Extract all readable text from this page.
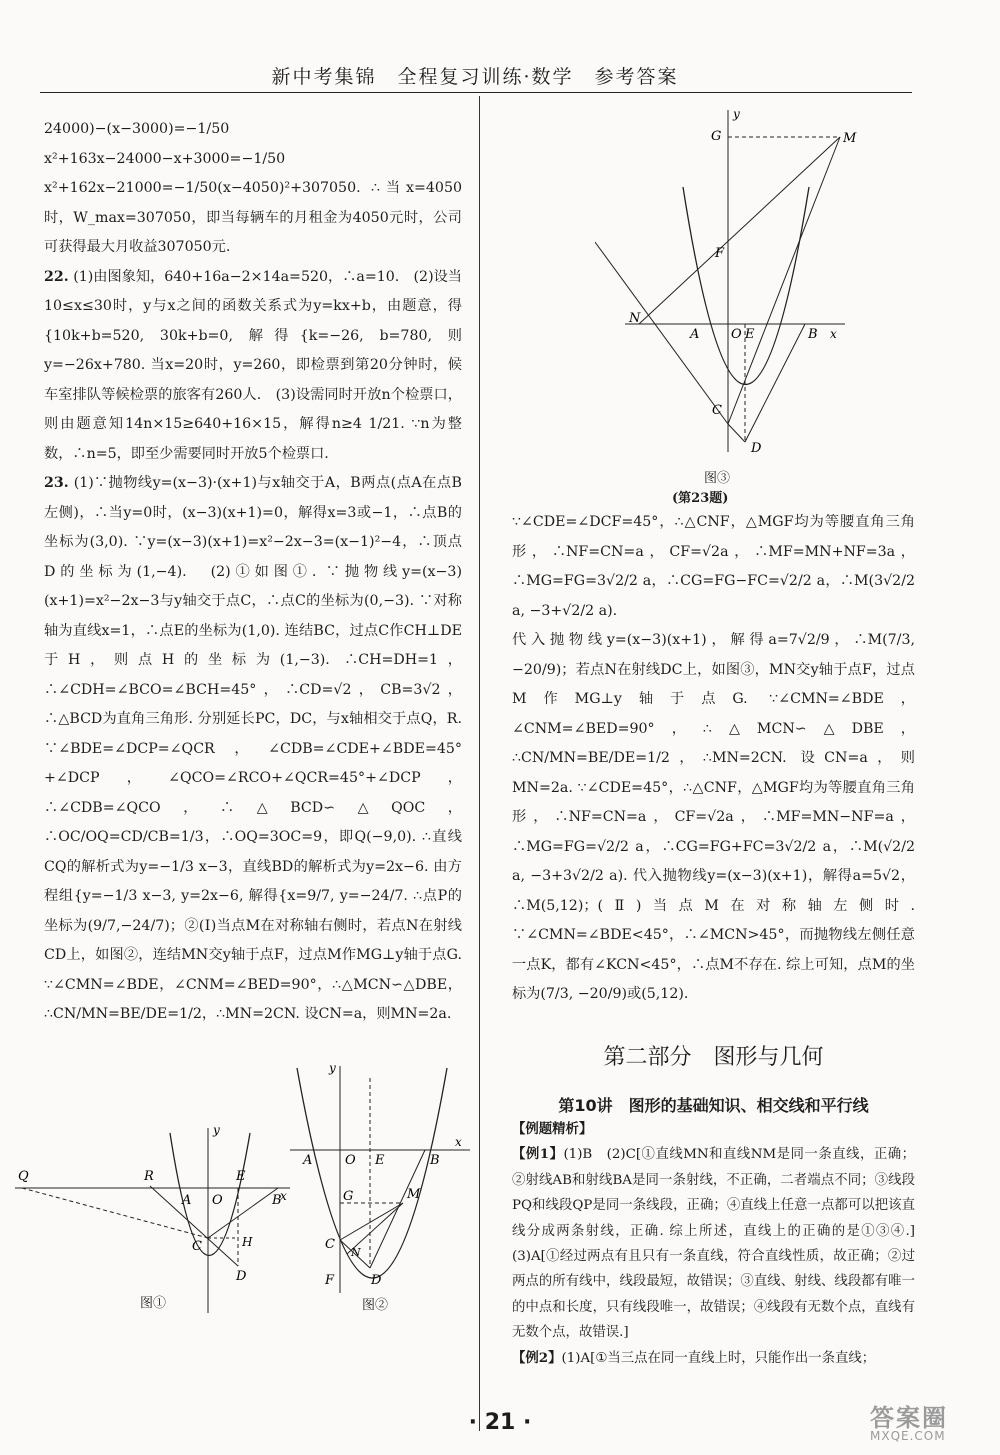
新中考集锦　全程复习训练·数学　参考答案

24000)−(x−3000)=−1/50 x²+163x−24000−x+3000=−1/50 x²+162x−21000=−1/50(x−4050)²+307050. ∴当x=4050时，W_max=307050，即当每辆车的月租金为4050元时，公司可获得最大月收益307050元.

22. (1)由图象知，640+16a−2×14a=520，∴a=10.　(2)设当10≤x≤30时，y与x之间的函数关系式为y=kx+b，由题意，得{10k+b=520, 30k+b=0, 解得{k=−26, b=780, 则y=−26x+780. 当x=20时，y=260，即检票到第20分钟时，候车室排队等候检票的旅客有260人.　(3)设需同时开放n个检票口，则由题意知14n×15≥640+16×15，解得n≥4 1/21. ∵n为整数，∴n=5，即至少需要同时开放5个检票口.

23. (1)∵抛物线y=(x−3)·(x+1)与x轴交于A，B两点(点A在点B左侧)，∴当y=0时，(x−3)(x+1)=0，解得x=3或−1，∴点B的坐标为(3,0). ∵y=(x−3)(x+1)=x²−2x−3=(x−1)²−4，∴顶点D的坐标为(1,−4).　(2)①如图①. ∵抛物线y=(x−3)(x+1)=x²−2x−3与y轴交于点C，∴点C的坐标为(0,−3). ∵对称轴为直线x=1，∴点E的坐标为(1,0). 连结BC，过点C作CH⊥DE于H，则点H的坐标为(1,−3). ∴CH=DH=1，∴∠CDH=∠BCO=∠BCH=45°，∴CD=√2，CB=3√2，∴△BCD为直角三角形. 分别延长PC，DC，与x轴相交于点Q，R. ∵∠BDE=∠DCP=∠QCR，∠CDB=∠CDE+∠BDE=45°+∠DCP，∠QCO=∠RCO+∠QCR=45°+∠DCP，∴∠CDB=∠QCO，∴△BCD∽△QOC，∴OC/OQ=CD/CB=1/3，∴OQ=3OC=9，即Q(−9,0). ∴直线CQ的解析式为y=−1/3 x−3，直线BD的解析式为y=2x−6. 由方程组{y=−1/3 x−3, y=2x−6, 解得{x=9/7, y=−24/7. ∴点P的坐标为(9/7,−24/7)；②(Ⅰ)当点M在对称轴右侧时，若点N在射线CD上，如图②，连结MN交y轴于点F，过点M作MG⊥y轴于点G. ∵∠CMN=∠BDE，∠CNM=∠BED=90°，∴△MCN∽△DBE，∴CN/MN=BE/DE=1/2，∴MN=2CN. 设CN=a，则MN=2a.

Q	R
A O
E
B
x
y
C	H
D
图①
y
A	O E	B
x
G	M
C
N
F	D
图②
y
G	M
F
N
A O E	B x
C
D
图③
(第23题)

∵∠CDE=∠DCF=45°，∴△CNF，△MGF均为等腰直角三角形，∴NF=CN=a，CF=√2a，∴MF=MN+NF=3a，∴MG=FG=3√2/2 a，∴CG=FG−FC=√2/2 a，∴M(3√2/2 a, −3+√2/2 a).

代入抛物线y=(x−3)(x+1)，解得a=7√2/9，∴M(7/3, −20/9)；若点N在射线DC上，如图③，MN交y轴于点F，过点M作MG⊥y轴于点G. ∵∠CMN=∠BDE，∠CNM=∠BED=90°，∴△MCN∽△DBE，∴CN/MN=BE/DE=1/2，∴MN=2CN. 设CN=a，则MN=2a. ∵∠CDE=45°，∴△CNF，△MGF均为等腰直角三角形，∴NF=CN=a，CF=√2a，∴MF=MN−NF=a，∴MG=FG=√2/2 a，∴CG=FG+FC=3√2/2 a，∴M(√2/2 a, −3+3√2/2 a). 代入抛物线y=(x−3)(x+1)，解得a=5√2，∴M(5,12)；(Ⅱ)当点M在对称轴左侧时. ∵∠CMN=∠BDE<45°，∴∠MCN>45°，而抛物线左侧任意一点K，都有∠KCN<45°，∴点M不存在. 综上可知，点M的坐标为(7/3, −20/9)或(5,12).

第二部分　图形与几何
第10讲　图形的基础知识、相交线和平行线

【例题精析】

【例1】(1)B　(2)C[①直线MN和直线NM是同一条直线，正确；②射线AB和射线BA是同一条射线，不正确，二者端点不同；③线段PQ和线段QP是同一条线段，正确；④直线上任意一点都可以把该直线分成两条射线，正确. 综上所述，直线上的正确的是①③④.]　(3)A[①经过两点有且只有一条直线，符合直线性质，故正确；②过两点的所有线中，线段最短，故错误；③直线、射线、线段都有唯一的中点和长度，只有线段唯一，故错误；④线段有无数个点，直线有无数个点，故错误.]

【例2】(1)A[①当三点在同一直线上时，只能作出一条直线；

· 21 ·	答案圈
MXQE.COM
